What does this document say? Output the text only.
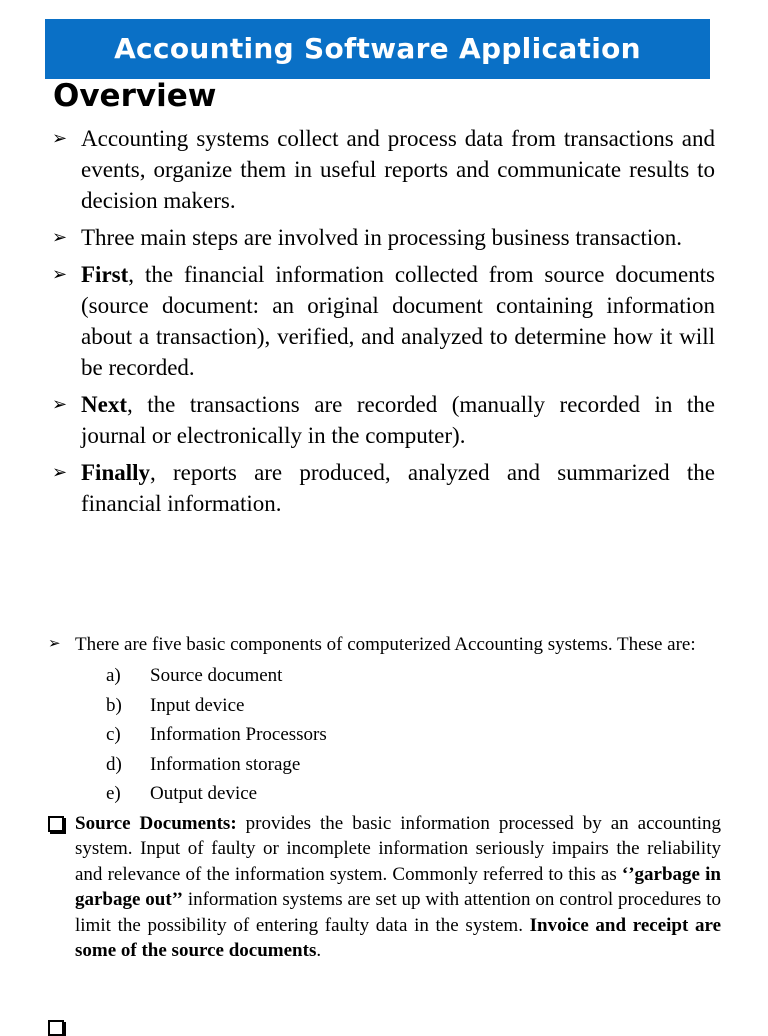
Accounting Software Application
Overview
➢ Accounting systems collect and process data from transactions and events, organize them in useful reports and communicate results to decision makers.
➢ Three main steps are involved in processing business transaction.
➢ First, the financial information collected from source documents (source document: an original document containing information about a transaction), verified, and analyzed to determine how it will be recorded.
➢ Next, the transactions are recorded (manually recorded in the journal or electronically in the computer).
➢ Finally, reports are produced, analyzed and summarized the financial information.
➢ There are five basic components of computerized Accounting systems. These are:
a) Source document
b) Input device
c) Information Processors
d) Information storage
e) Output device
Source Documents: provides the basic information processed by an accounting system. Input of faulty or incomplete information seriously impairs the reliability and relevance of the information system. Commonly referred to this as ‘’garbage in garbage out’’ information systems are set up with attention on control procedures to limit the possibility of entering faulty data in the system. Invoice and receipt are some of the source documents.
